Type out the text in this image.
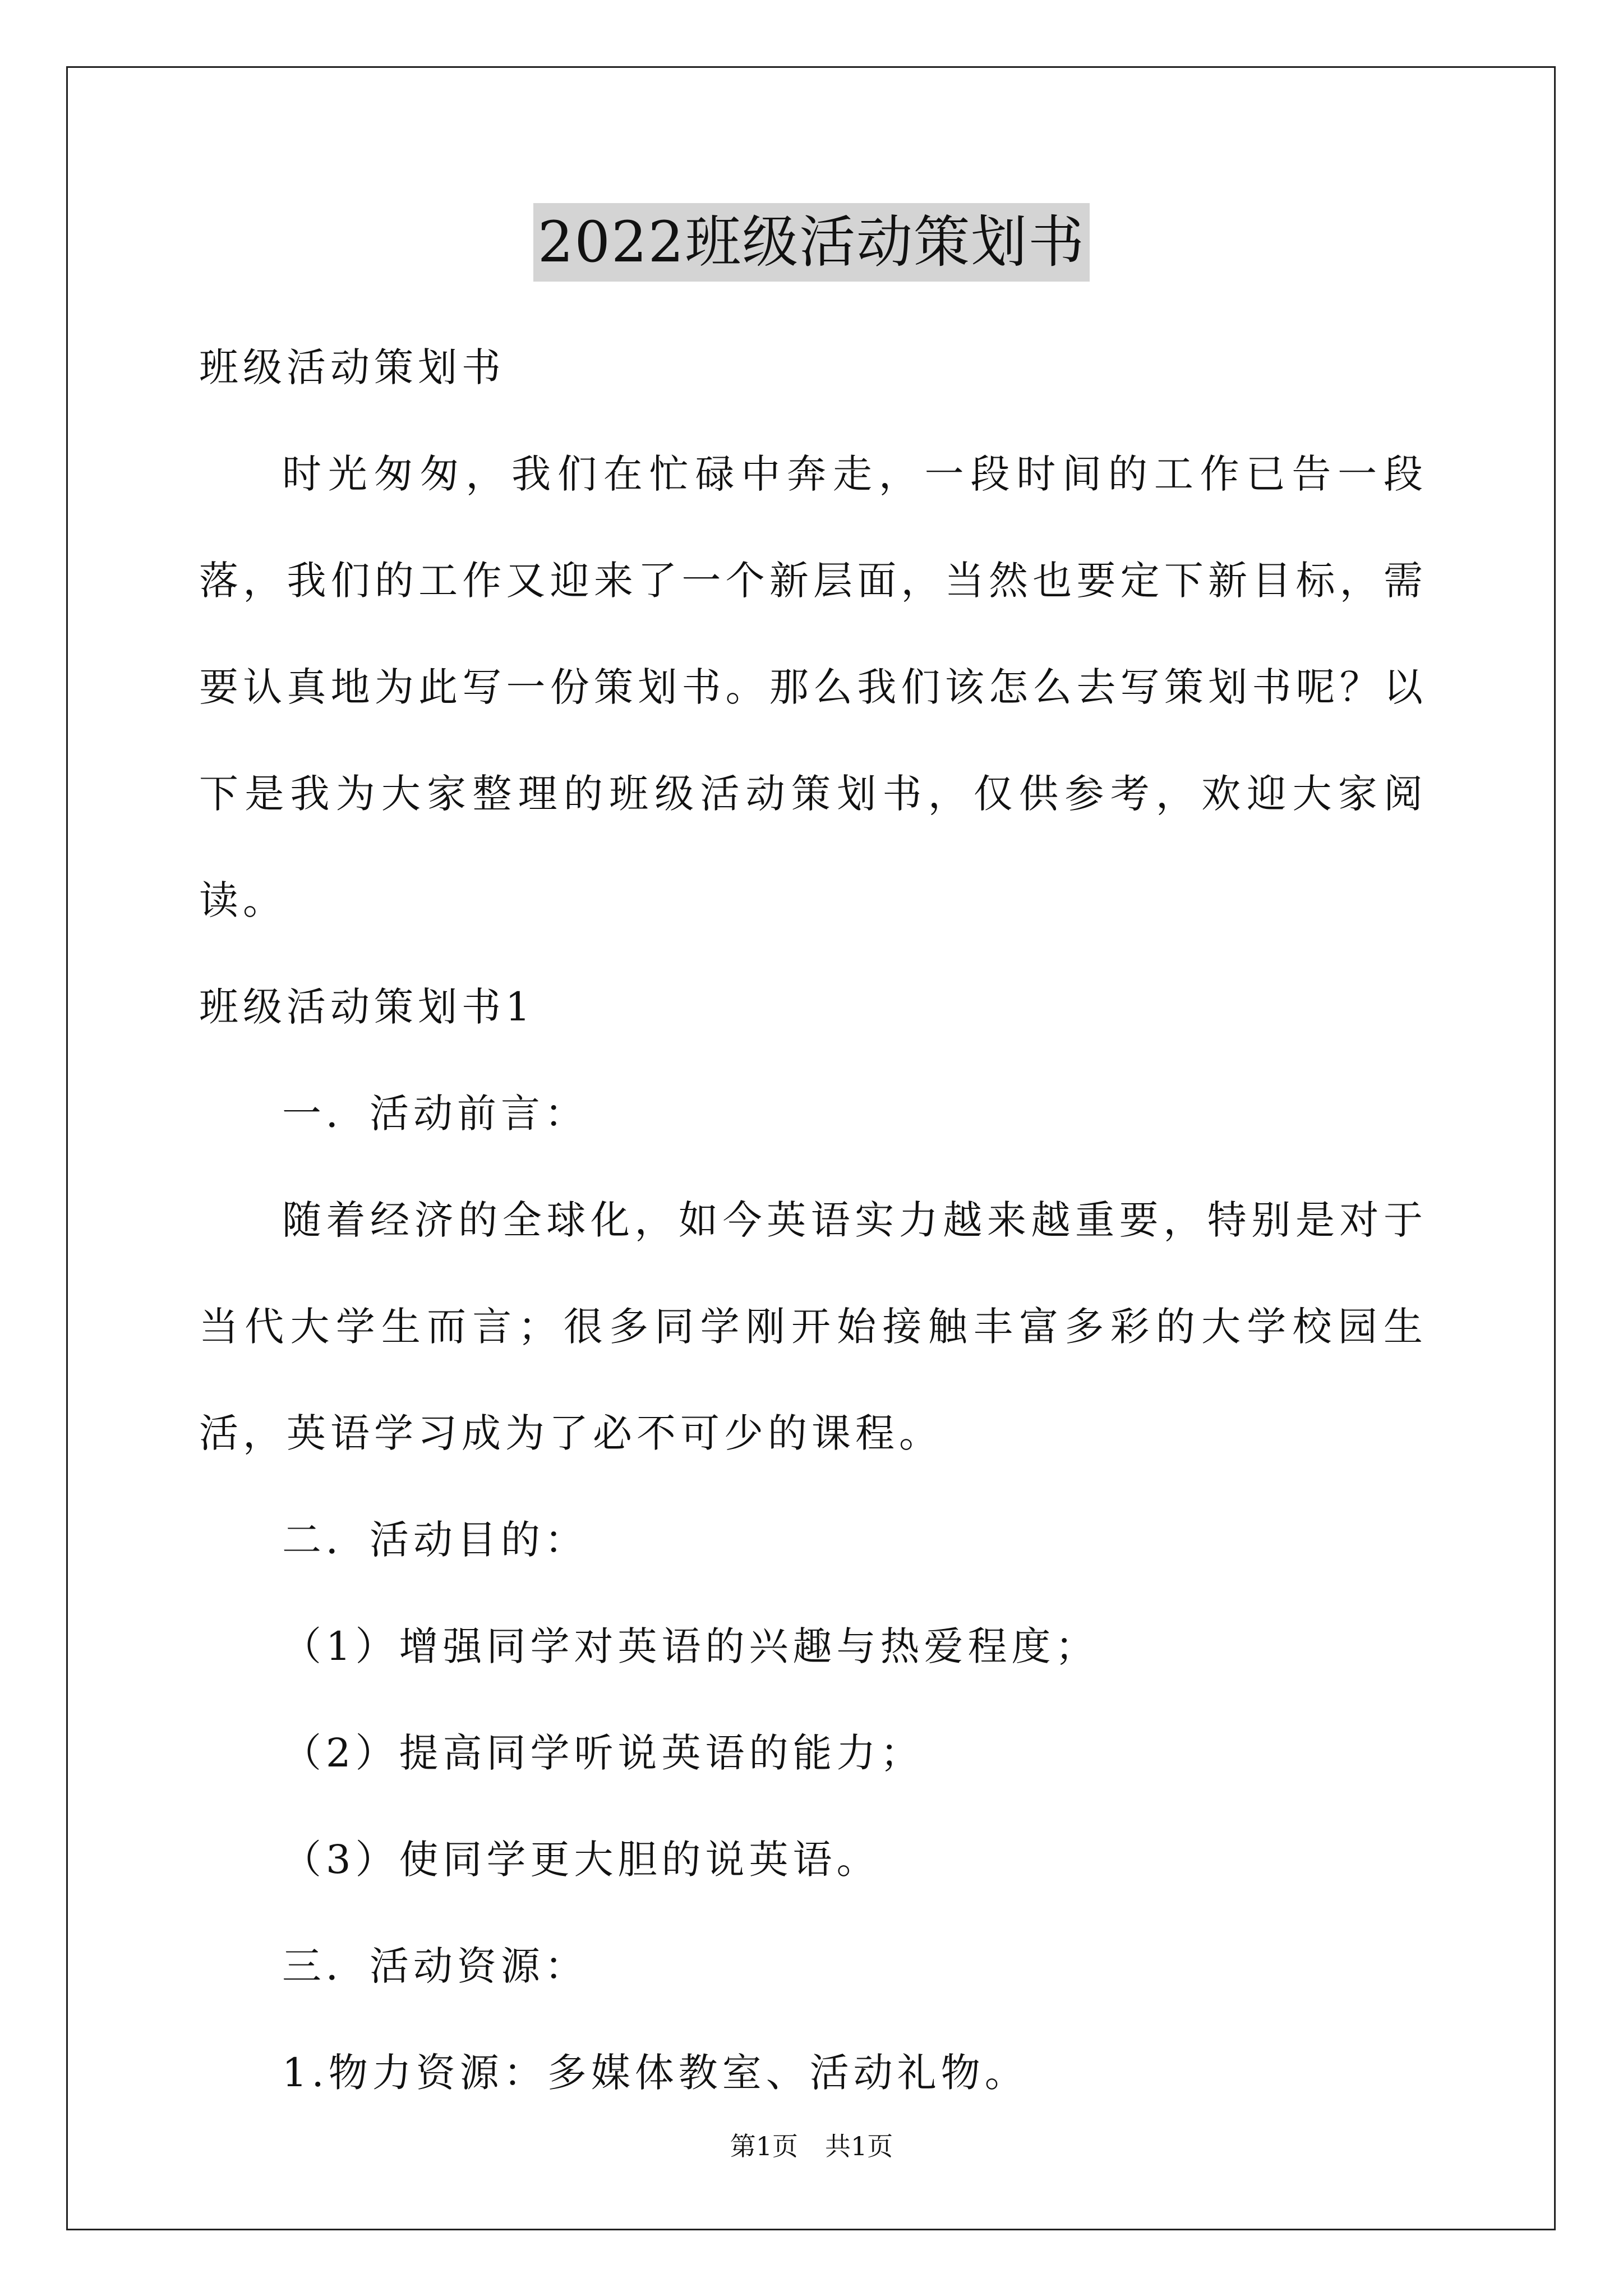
2022班级活动策划书

班级活动策划书

时光匆匆，我们在忙碌中奔走，一段时间的工作已告一段落，我们的工作又迎来了一个新层面，当然也要定下新目标，需要认真地为此写一份策划书。那么我们该怎么去写策划书呢？以下是我为大家整理的班级活动策划书，仅供参考，欢迎大家阅读。

班级活动策划书1

一．活动前言：

随着经济的全球化，如今英语实力越来越重要，特别是对于当代大学生而言；很多同学刚开始接触丰富多彩的大学校园生活，英语学习成为了必不可少的课程。

二．活动目的：

（1）增强同学对英语的兴趣与热爱程度；

（2）提高同学听说英语的能力；

（3）使同学更大胆的说英语。

三．活动资源：

1.物力资源：多媒体教室、活动礼物。

第1页 共1页
